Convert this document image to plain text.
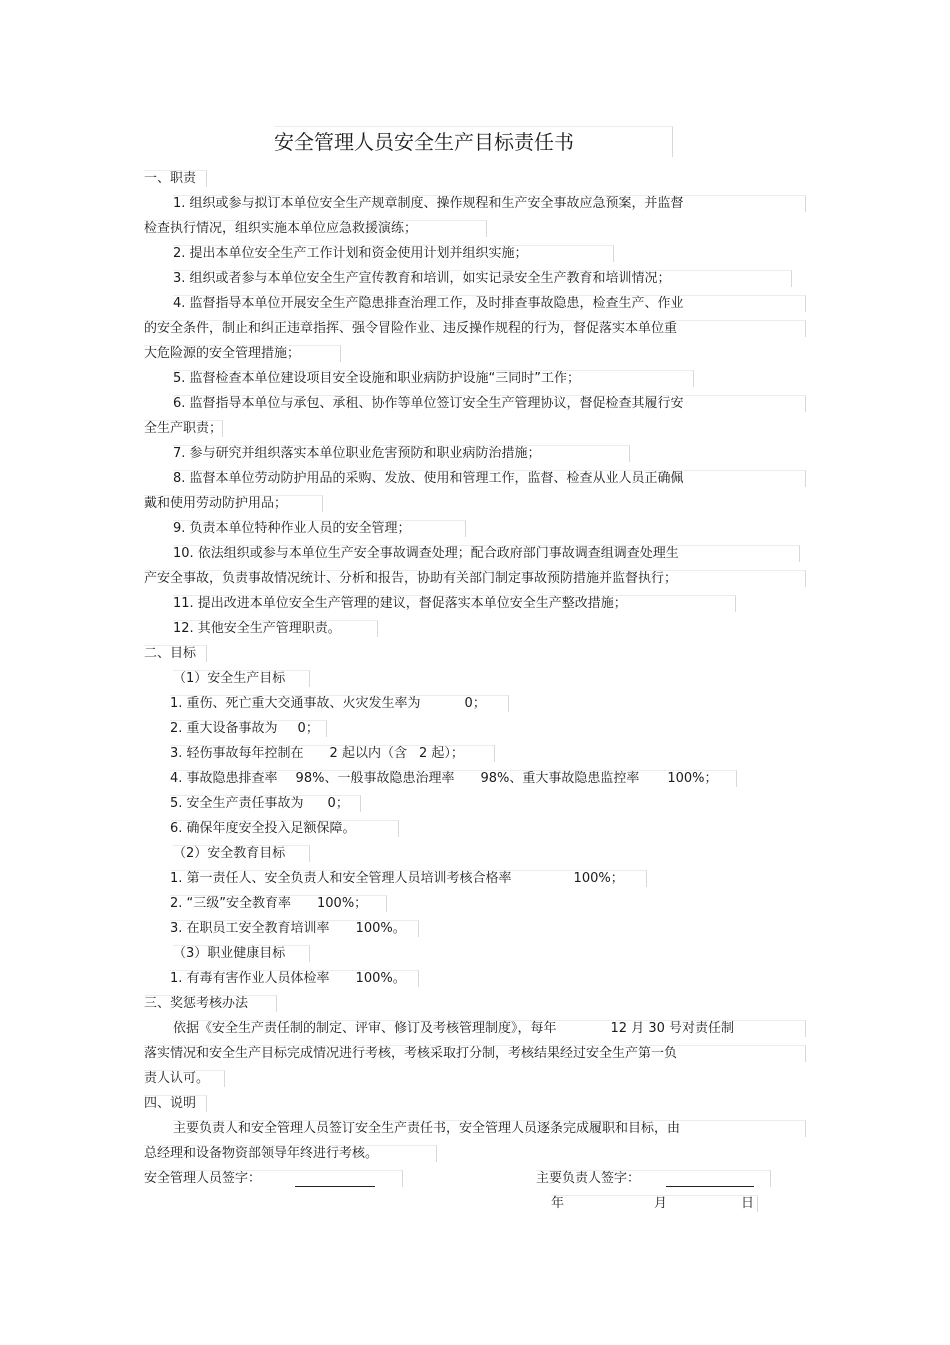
安全管理人员安全生产目标责任书
一、职责
1. 组织或参与拟订本单位安全生产规章制度、操作规程和生产安全事故应急预案，并监督
检查执行情况，组织实施本单位应急救援演练；
2. 提出本单位安全生产工作计划和资金使用计划并组织实施；
3. 组织或者参与本单位安全生产宣传教育和培训，如实记录安全生产教育和培训情况；
4. 监督指导本单位开展安全生产隐患排查治理工作，及时排查事故隐患，检查生产、作业
的安全条件，制止和纠正违章指挥、强令冒险作业、违反操作规程的行为，督促落实本单位重
大危险源的安全管理措施；
5. 监督检查本单位建设项目安全设施和职业病防护设施“三同时”工作；
6. 监督指导本单位与承包、承租、协作等单位签订安全生产管理协议，督促检查其履行安
全生产职责；
7. 参与研究并组织落实本单位职业危害预防和职业病防治措施；
8. 监督本单位劳动防护用品的采购、发放、使用和管理工作，监督、检查从业人员正确佩
戴和使用劳动防护用品；
9. 负责本单位特种作业人员的安全管理；
10. 依法组织或参与本单位生产安全事故调查处理；配合政府部门事故调查组调查处理生
产安全事故，负责事故情况统计、分析和报告，协助有关部门制定事故预防措施并监督执行；
11. 提出改进本单位安全生产管理的建议，督促落实本单位安全生产整改措施；
12. 其他安全生产管理职责。
二、目标
（1）安全生产目标
1. 重伤、死亡重大交通事故、火灾发生率为	0；
2. 重大设备事故为 0；
3. 轻伤事故每年控制在 2 起以内（含 2 起）；
4. 事故隐患排查率 98%、一般事故隐患治理率 98%、重大事故隐患监控率 100%；
5. 安全生产责任事故为 0；
6. 确保年度安全投入足额保障。
（2）安全教育目标
1. 第一责任人、安全负责人和安全管理人员培训考核合格率	100%；
2. “三级”安全教育率 100%；
3. 在职员工安全教育培训率 100%。
（3）职业健康目标
1. 有毒有害作业人员体检率 100%。
三、奖惩考核办法
依据《安全生产责任制的制定、评审、修订及考核管理制度》，每年	12 月 30 号对责任制
落实情况和安全生产目标完成情况进行考核，考核采取打分制，考核结果经过安全生产第一负
责人认可。
四、说明
主要负责人和安全管理人员签订安全生产责任书，安全管理人员逐条完成履职和目标，由
总经理和设备物资部领导年终进行考核。
安全管理人员签字：	主要负责人签字：
年	月	日
